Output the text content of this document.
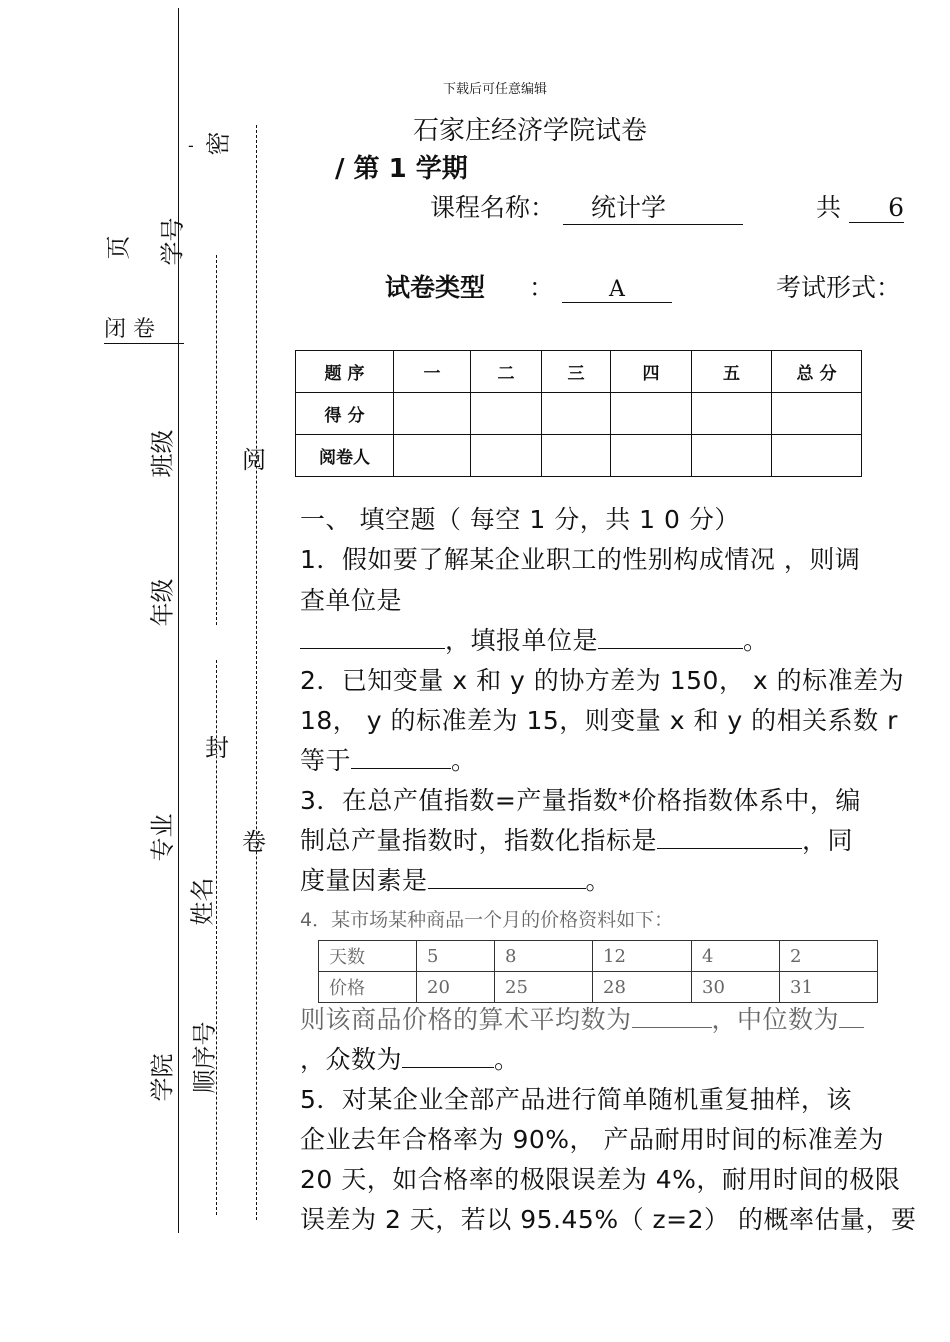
下载后可任意编辑
页 学号
闭 卷
班级
年级
专业
学院
姓名
顺序号
密
-
阅
封
卷
石家庄经济学院试卷
/ 第 1 学期
课程名称： 统计学	共 6
试卷类型 ：	A	考试形式：
题 序	一	二	三	四	五	总 分
得 分						
阅卷人						
一、 填空题（ 每空 1 分，共 1 0 分）
1．假如要了解某企业职工的性别构成情况 ，则调
查单位是
，填报单位是	。
2．已知变量 x 和 y 的协方差为 150， x 的标准差为
18， y 的标准差为 15，则变量 x 和 y 的相关系数 r
等于	。
3．在总产值指数=产量指数*价格指数体系中，编
制总产量指数时，指数化指标是	，同
度量因素是	。
4．某市场某种商品一个月的价格资料如下：
天数	5	8	12	4	2
价格	20	25	28	30	31
则该商品价格的算术平均数为	，中位数为
，众数为	。
5．对某企业全部产品进行简单随机重复抽样，该
企业去年合格率为 90%， 产品耐用时间的标准差为
20 天，如合格率的极限误差为 4%，耐用时间的极限
误差为 2 天，若以 95.45%（ z=2） 的概率估量，要
